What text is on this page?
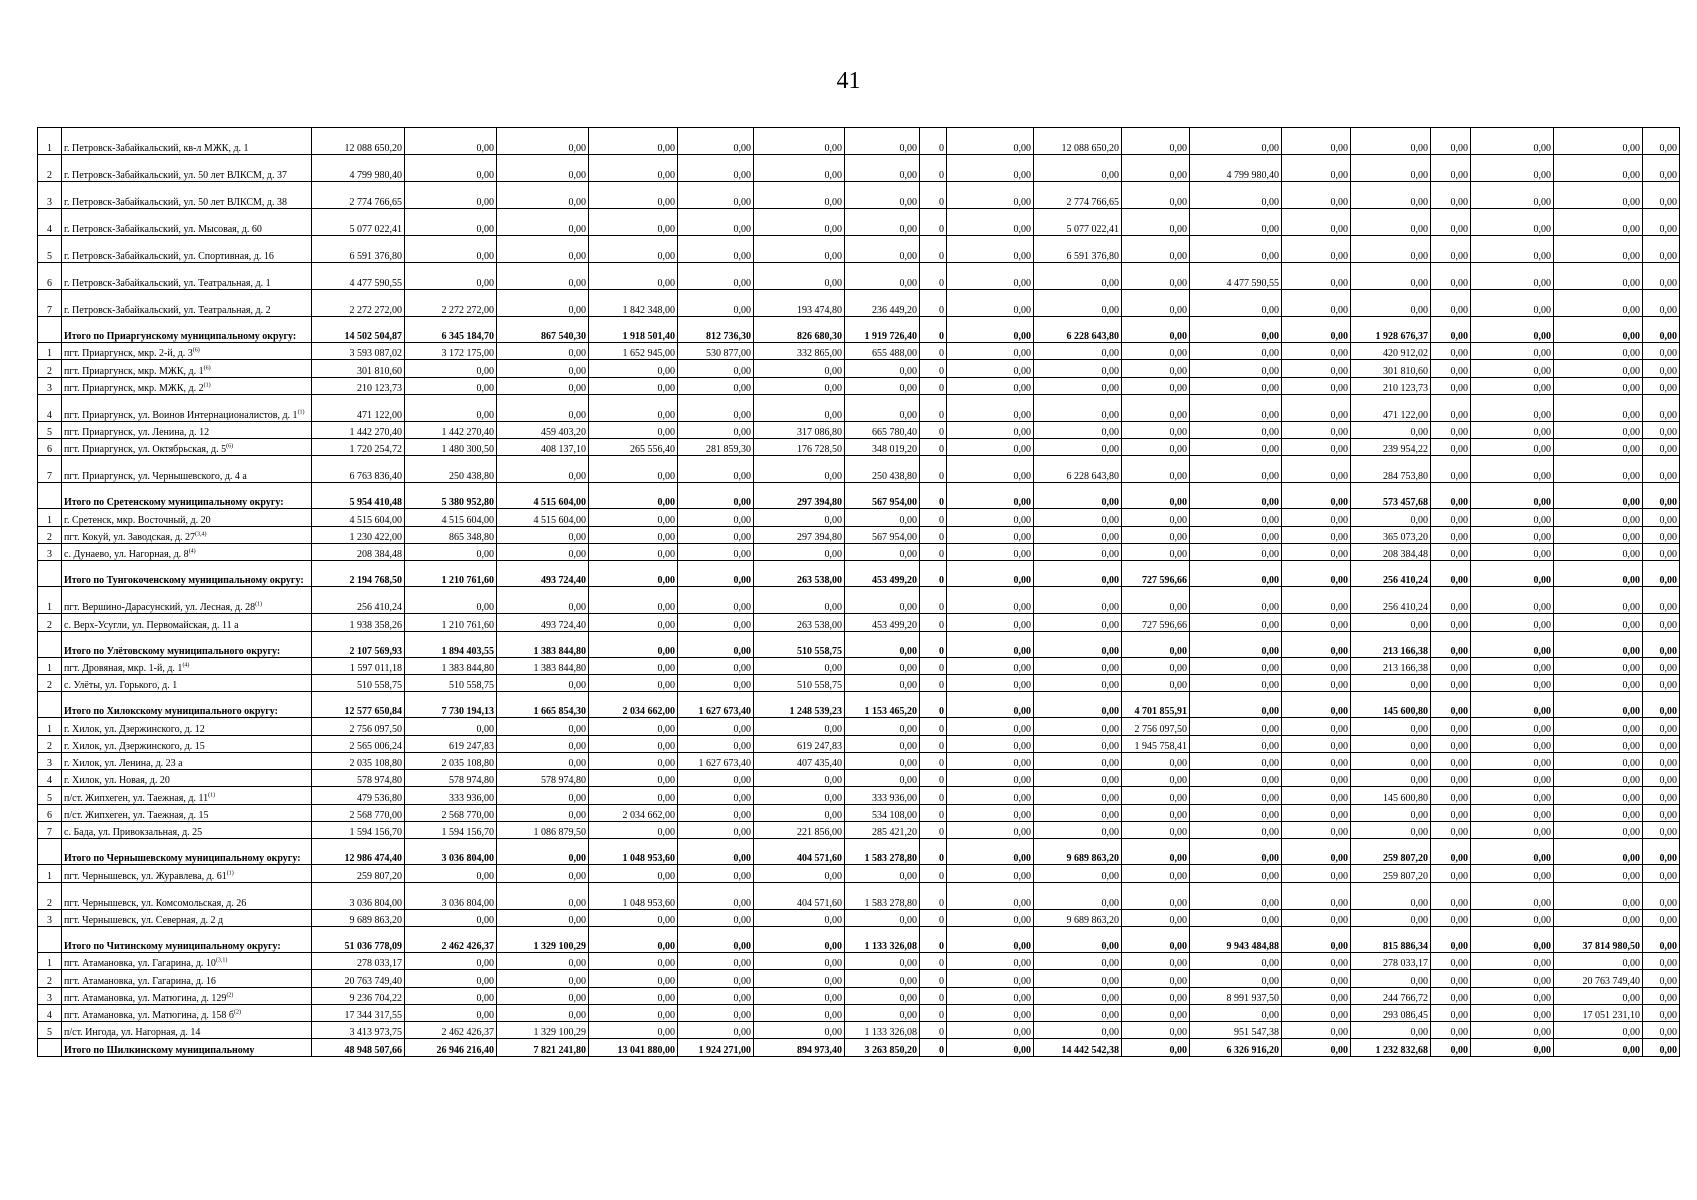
41
1	г. Петровск-Забайкальский, кв-л МЖК, д. 1	12 088 650,20	0,00	0,00	0,00	0,00	0,00	0,00	0	0,00	12 088 650,20	0,00	0,00	0,00	0,00	0,00	0,00	0,00	0,00
2	г. Петровск-Забайкальский, ул. 50 лет ВЛКСМ, д. 37	4 799 980,40	0,00	0,00	0,00	0,00	0,00	0,00	0	0,00	0,00	0,00	4 799 980,40	0,00	0,00	0,00	0,00	0,00	0,00
3	г. Петровск-Забайкальский, ул. 50 лет ВЛКСМ, д. 38	2 774 766,65	0,00	0,00	0,00	0,00	0,00	0,00	0	0,00	2 774 766,65	0,00	0,00	0,00	0,00	0,00	0,00	0,00	0,00
4	г. Петровск-Забайкальский, ул. Мысовая, д. 60	5 077 022,41	0,00	0,00	0,00	0,00	0,00	0,00	0	0,00	5 077 022,41	0,00	0,00	0,00	0,00	0,00	0,00	0,00	0,00
5	г. Петровск-Забайкальский, ул. Спортивная, д. 16	6 591 376,80	0,00	0,00	0,00	0,00	0,00	0,00	0	0,00	6 591 376,80	0,00	0,00	0,00	0,00	0,00	0,00	0,00	0,00
6	г. Петровск-Забайкальский, ул. Театральная, д. 1	4 477 590,55	0,00	0,00	0,00	0,00	0,00	0,00	0	0,00	0,00	0,00	4 477 590,55	0,00	0,00	0,00	0,00	0,00	0,00
7	г. Петровск-Забайкальский, ул. Театральная, д. 2	2 272 272,00	2 272 272,00	0,00	1 842 348,00	0,00	193 474,80	236 449,20	0	0,00	0,00	0,00	0,00	0,00	0,00	0,00	0,00	0,00	0,00
	Итого по Приаргунскому муниципальному округу:	14 502 504,87	6 345 184,70	867 540,30	1 918 501,40	812 736,30	826 680,30	1 919 726,40	0	0,00	6 228 643,80	0,00	0,00	0,00	1 928 676,37	0,00	0,00	0,00	0,00
1	пгт. Приаргунск, мкр. 2-й, д. 3$^{(6)}$	3 593 087,02	3 172 175,00	0,00	1 652 945,00	530 877,00	332 865,00	655 488,00	0	0,00	0,00	0,00	0,00	0,00	420 912,02	0,00	0,00	0,00	0,00
2	пгт. Приаргунск, мкр. МЖК, д. 1$^{(6)}$	301 810,60	0,00	0,00	0,00	0,00	0,00	0,00	0	0,00	0,00	0,00	0,00	0,00	301 810,60	0,00	0,00	0,00	0,00
3	пгт. Приаргунск, мкр. МЖК, д. 2$^{(1)}$	210 123,73	0,00	0,00	0,00	0,00	0,00	0,00	0	0,00	0,00	0,00	0,00	0,00	210 123,73	0,00	0,00	0,00	0,00
4	пгт. Приаргунск, ул. Воинов Интернационалистов, д. 1$^{(1)}$	471 122,00	0,00	0,00	0,00	0,00	0,00	0,00	0	0,00	0,00	0,00	0,00	0,00	471 122,00	0,00	0,00	0,00	0,00
5	пгт. Приаргунск, ул. Ленина, д. 12	1 442 270,40	1 442 270,40	459 403,20	0,00	0,00	317 086,80	665 780,40	0	0,00	0,00	0,00	0,00	0,00	0,00	0,00	0,00	0,00	0,00
6	пгт. Приаргунск, ул. Октябрьская, д. 5$^{(6)}$	1 720 254,72	1 480 300,50	408 137,10	265 556,40	281 859,30	176 728,50	348 019,20	0	0,00	0,00	0,00	0,00	0,00	239 954,22	0,00	0,00	0,00	0,00
7	пгт. Приаргунск, ул. Чернышевского, д. 4 а	6 763 836,40	250 438,80	0,00	0,00	0,00	0,00	250 438,80	0	0,00	6 228 643,80	0,00	0,00	0,00	284 753,80	0,00	0,00	0,00	0,00
	Итого по Сретенскому муниципальному округу:	5 954 410,48	5 380 952,80	4 515 604,00	0,00	0,00	297 394,80	567 954,00	0	0,00	0,00	0,00	0,00	0,00	573 457,68	0,00	0,00	0,00	0,00
1	г. Сретенск, мкр. Восточный, д. 20	4 515 604,00	4 515 604,00	4 515 604,00	0,00	0,00	0,00	0,00	0	0,00	0,00	0,00	0,00	0,00	0,00	0,00	0,00	0,00	0,00
2	пгт. Кокуй, ул. Заводская, д. 27$^{(3,4)}$	1 230 422,00	865 348,80	0,00	0,00	0,00	297 394,80	567 954,00	0	0,00	0,00	0,00	0,00	0,00	365 073,20	0,00	0,00	0,00	0,00
3	с. Дунаево, ул. Нагорная, д. 8$^{(4)}$	208 384,48	0,00	0,00	0,00	0,00	0,00	0,00	0	0,00	0,00	0,00	0,00	0,00	208 384,48	0,00	0,00	0,00	0,00
	Итого по Тунгокоченскому муниципальному округу:	2 194 768,50	1 210 761,60	493 724,40	0,00	0,00	263 538,00	453 499,20	0	0,00	0,00	727 596,66	0,00	0,00	256 410,24	0,00	0,00	0,00	0,00
1	пгт. Вершино-Дарасунский, ул. Лесная, д. 28$^{(1)}$	256 410,24	0,00	0,00	0,00	0,00	0,00	0,00	0	0,00	0,00	0,00	0,00	0,00	256 410,24	0,00	0,00	0,00	0,00
2	с. Верх-Усугли, ул. Первомайская, д. 11 а	1 938 358,26	1 210 761,60	493 724,40	0,00	0,00	263 538,00	453 499,20	0	0,00	0,00	727 596,66	0,00	0,00	0,00	0,00	0,00	0,00	0,00
	Итого по Улётовскому муниципального округу:	2 107 569,93	1 894 403,55	1 383 844,80	0,00	0,00	510 558,75	0,00	0	0,00	0,00	0,00	0,00	0,00	213 166,38	0,00	0,00	0,00	0,00
1	пгт. Дровяная, мкр. 1-й, д. 1$^{(4)}$	1 597 011,18	1 383 844,80	1 383 844,80	0,00	0,00	0,00	0,00	0	0,00	0,00	0,00	0,00	0,00	213 166,38	0,00	0,00	0,00	0,00
2	с. Улёты, ул. Горького, д. 1	510 558,75	510 558,75	0,00	0,00	0,00	510 558,75	0,00	0	0,00	0,00	0,00	0,00	0,00	0,00	0,00	0,00	0,00	0,00
	Итого по Хилокскому муниципального округу:	12 577 650,84	7 730 194,13	1 665 854,30	2 034 662,00	1 627 673,40	1 248 539,23	1 153 465,20	0	0,00	0,00	4 701 855,91	0,00	0,00	145 600,80	0,00	0,00	0,00	0,00
1	г. Хилок, ул. Дзержинского, д. 12	2 756 097,50	0,00	0,00	0,00	0,00	0,00	0,00	0	0,00	0,00	2 756 097,50	0,00	0,00	0,00	0,00	0,00	0,00	0,00
2	г. Хилок, ул. Дзержинского, д. 15	2 565 006,24	619 247,83	0,00	0,00	0,00	619 247,83	0,00	0	0,00	0,00	1 945 758,41	0,00	0,00	0,00	0,00	0,00	0,00	0,00
3	г. Хилок, ул. Ленина, д. 23 а	2 035 108,80	2 035 108,80	0,00	0,00	1 627 673,40	407 435,40	0,00	0	0,00	0,00	0,00	0,00	0,00	0,00	0,00	0,00	0,00	0,00
4	г. Хилок, ул. Новая, д. 20	578 974,80	578 974,80	578 974,80	0,00	0,00	0,00	0,00	0	0,00	0,00	0,00	0,00	0,00	0,00	0,00	0,00	0,00	0,00
5	п/ст. Жипхеген, ул. Таежная, д. 11$^{(1)}$	479 536,80	333 936,00	0,00	0,00	0,00	0,00	333 936,00	0	0,00	0,00	0,00	0,00	0,00	145 600,80	0,00	0,00	0,00	0,00
6	п/ст. Жипхеген, ул. Таежная, д. 15	2 568 770,00	2 568 770,00	0,00	2 034 662,00	0,00	0,00	534 108,00	0	0,00	0,00	0,00	0,00	0,00	0,00	0,00	0,00	0,00	0,00
7	с. Бада, ул. Привокзальная, д. 25	1 594 156,70	1 594 156,70	1 086 879,50	0,00	0,00	221 856,00	285 421,20	0	0,00	0,00	0,00	0,00	0,00	0,00	0,00	0,00	0,00	0,00
	Итого по Чернышевскому муниципальному округу:	12 986 474,40	3 036 804,00	0,00	1 048 953,60	0,00	404 571,60	1 583 278,80	0	0,00	9 689 863,20	0,00	0,00	0,00	259 807,20	0,00	0,00	0,00	0,00
1	пгт. Чернышевск, ул. Журавлева, д. 61$^{(1)}$	259 807,20	0,00	0,00	0,00	0,00	0,00	0,00	0	0,00	0,00	0,00	0,00	0,00	259 807,20	0,00	0,00	0,00	0,00
2	пгт. Чернышевск, ул. Комсомольская, д. 26	3 036 804,00	3 036 804,00	0,00	1 048 953,60	0,00	404 571,60	1 583 278,80	0	0,00	0,00	0,00	0,00	0,00	0,00	0,00	0,00	0,00	0,00
3	пгт. Чернышевск, ул. Северная, д. 2 д	9 689 863,20	0,00	0,00	0,00	0,00	0,00	0,00	0	0,00	9 689 863,20	0,00	0,00	0,00	0,00	0,00	0,00	0,00	0,00
	Итого по Читинскому муниципальному округу:	51 036 778,09	2 462 426,37	1 329 100,29	0,00	0,00	0,00	1 133 326,08	0	0,00	0,00	0,00	9 943 484,88	0,00	815 886,34	0,00	0,00	37 814 980,50	0,00
1	пгт. Атамановка, ул. Гагарина, д. 10$^{(3,1)}$	278 033,17	0,00	0,00	0,00	0,00	0,00	0,00	0	0,00	0,00	0,00	0,00	0,00	278 033,17	0,00	0,00	0,00	0,00
2	пгт. Атамановка, ул. Гагарина, д. 16	20 763 749,40	0,00	0,00	0,00	0,00	0,00	0,00	0	0,00	0,00	0,00	0,00	0,00	0,00	0,00	0,00	20 763 749,40	0,00
3	пгт. Атамановка, ул. Матюгина, д. 129$^{(2)}$	9 236 704,22	0,00	0,00	0,00	0,00	0,00	0,00	0	0,00	0,00	0,00	8 991 937,50	0,00	244 766,72	0,00	0,00	0,00	0,00
4	пгт. Атамановка, ул. Матюгина, д. 158 $б^{(2)}$	17 344 317,55	0,00	0,00	0,00	0,00	0,00	0,00	0	0,00	0,00	0,00	0,00	0,00	293 086,45	0,00	0,00	17 051 231,10	0,00
5	п/ст. Ингода, ул. Нагорная, д. 14	3 413 973,75	2 462 426,37	1 329 100,29	0,00	0,00	0,00	1 133 326,08	0	0,00	0,00	0,00	951 547,38	0,00	0,00	0,00	0,00	0,00	0,00
	Итого по Шилкинскому муниципальному	48 948 507,66	26 946 216,40	7 821 241,80	13 041 880,00	1 924 271,00	894 973,40	3 263 850,20	0	0,00	14 442 542,38	0,00	6 326 916,20	0,00	1 232 832,68	0,00	0,00	0,00	0,00
